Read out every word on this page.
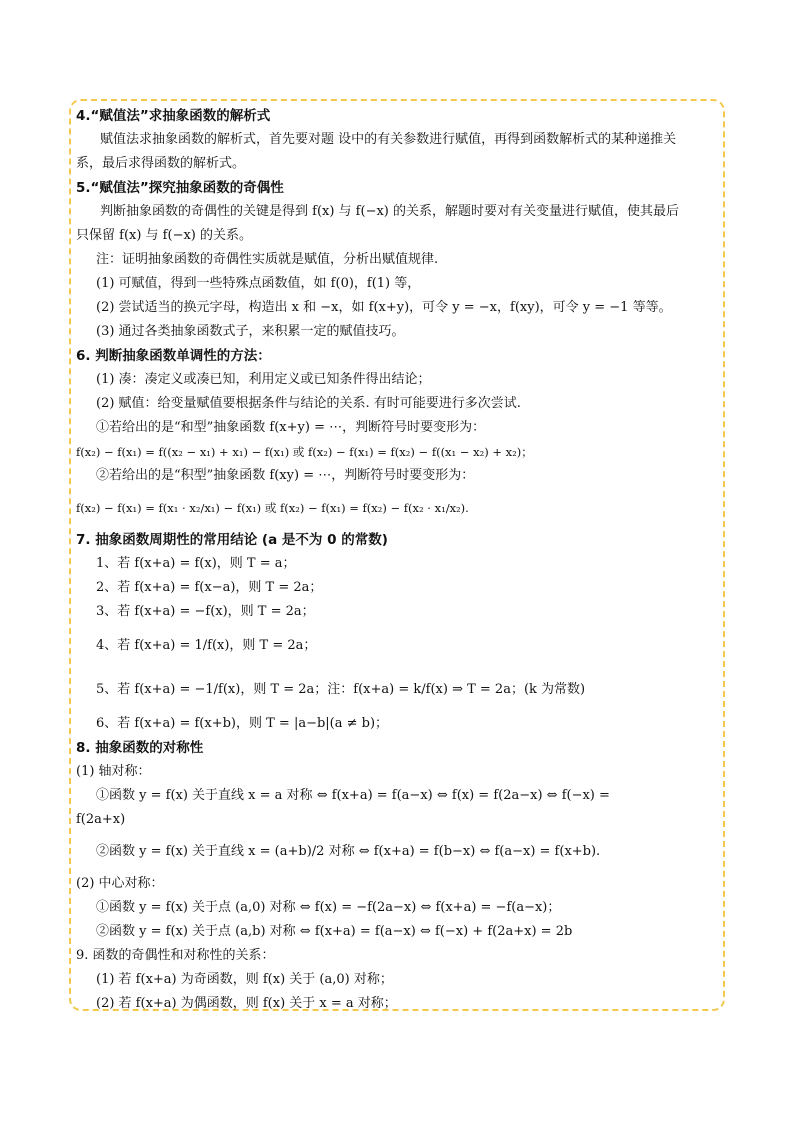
4.“赋值法”求抽象函数的解析式
赋值法求抽象函数的解析式，首先要对题 设中的有关参数进行赋值，再得到函数解析式的某种递推关
系，最后求得函数的解析式。
5.“赋值法”探究抽象函数的奇偶性
判断抽象函数的奇偶性的关键是得到 f(x) 与 f(−x) 的关系，解题时要对有关变量进行赋值，使其最后
只保留 f(x) 与 f(−x) 的关系。
注：证明抽象函数的奇偶性实质就是赋值，分析出赋值规律.
(1) 可赋值，得到一些特殊点函数值，如 f(0)，f(1) 等，
(2) 尝试适当的换元字母，构造出 x 和 −x，如 f(x+y)，可令 y = −x，f(xy)，可令 y = −1 等等。
(3) 通过各类抽象函数式子，来积累一定的赋值技巧。
6. 判断抽象函数单调性的方法：
(1) 凑：凑定义或凑已知，利用定义或已知条件得出结论；
(2) 赋值：给变量赋值要根据条件与结论的关系. 有时可能要进行多次尝试.
①若给出的是“和型”抽象函数 f(x+y) = ⋯，判断符号时要变形为：
f(x₂) − f(x₁) = f((x₂ − x₁) + x₁) − f(x₁) 或 f(x₂) − f(x₁) = f(x₂) − f((x₁ − x₂) + x₂)；
②若给出的是“积型”抽象函数 f(xy) = ⋯，判断符号时要变形为：
f(x₂) − f(x₁) = f(x₁ · x₂/x₁) − f(x₁) 或 f(x₂) − f(x₁) = f(x₂) − f(x₂ · x₁/x₂).
7. 抽象函数周期性的常用结论 (a 是不为 0 的常数)
1、若 f(x+a) = f(x)，则 T = a；
2、若 f(x+a) = f(x−a)，则 T = 2a；
3、若 f(x+a) = −f(x)，则 T = 2a；
4、若 f(x+a) = 1/f(x)，则 T = 2a；
5、若 f(x+a) = −1/f(x)，则 T = 2a；注：f(x+a) = k/f(x) ⇒ T = 2a；(k 为常数)
6、若 f(x+a) = f(x+b)，则 T = |a−b|(a ≠ b)；
8. 抽象函数的对称性
(1) 轴对称：
①函数 y = f(x) 关于直线 x = a 对称 ⇔ f(x+a) = f(a−x) ⇔ f(x) = f(2a−x) ⇔ f(−x) =
f(2a+x)
②函数 y = f(x) 关于直线 x = (a+b)/2 对称 ⇔ f(x+a) = f(b−x) ⇔ f(a−x) = f(x+b).
(2) 中心对称：
①函数 y = f(x) 关于点 (a,0) 对称 ⇔ f(x) = −f(2a−x) ⇔ f(x+a) = −f(a−x)；
②函数 y = f(x) 关于点 (a,b) 对称 ⇔ f(x+a) = f(a−x) ⇔ f(−x) + f(2a+x) = 2b
9. 函数的奇偶性和对称性的关系：
(1) 若 f(x+a) 为奇函数，则 f(x) 关于 (a,0) 对称；
(2) 若 f(x+a) 为偶函数，则 f(x) 关于 x = a 对称；
